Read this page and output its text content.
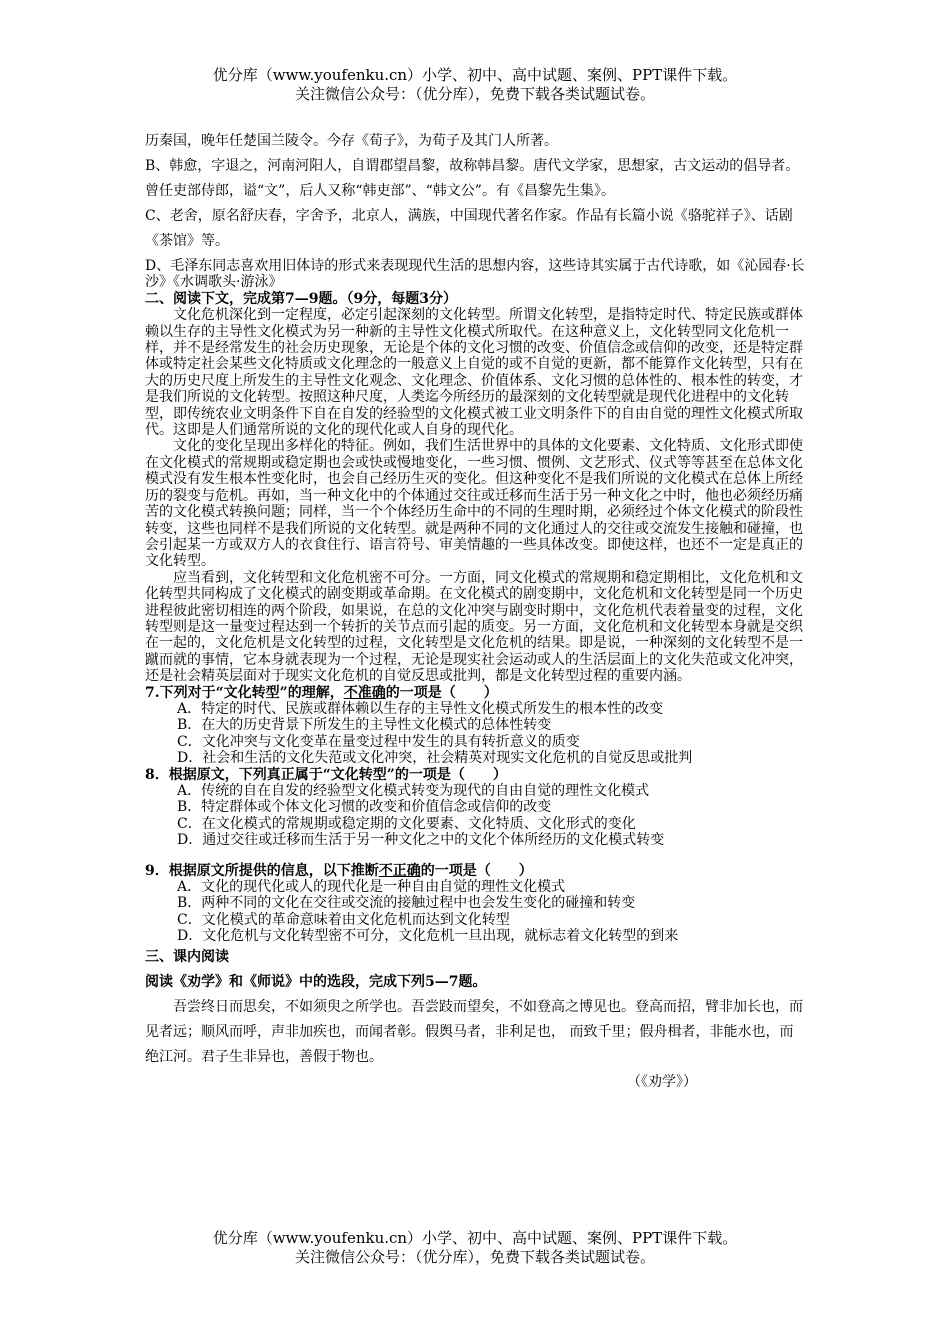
优分库（www.youfenku.cn）小学、初中、高中试题、案例、PPT课件下载。
关注微信公众号：（优分库），免费下载各类试题试卷。

历秦国，晚年任楚国兰陵令。今存《荀子》，为荀子及其门人所著。

B、韩愈，字退之，河南河阳人，自谓郡望昌黎，故称韩昌黎。唐代文学家，思想家，古文运动的倡导者。曾任吏部侍郎，谥“文”，后人又称“韩吏部”、“韩文公”。有《昌黎先生集》。

C、老舍，原名舒庆春，字舍予，北京人，满族，中国现代著名作家。作品有长篇小说《骆驼祥子》、话剧《茶馆》等。

D、毛泽东同志喜欢用旧体诗的形式来表现现代生活的思想内容，这些诗其实属于古代诗歌，如《沁园春·长沙》《水调歌头·游泳》

二、阅读下文，完成第7—9题。（9分，每题3分）

文化危机深化到一定程度，必定引起深刻的文化转型。所谓文化转型，是指特定时代、特定民族或群体赖以生存的主导性文化模式为另一种新的主导性文化模式所取代。在这种意义上，文化转型同文化危机一样，并不是经常发生的社会历史现象，无论是个体的文化习惯的改变、价值信念或信仰的改变，还是特定群体或特定社会某些文化特质或文化理念的一般意义上自觉的或不自觉的更新，都不能算作文化转型，只有在大的历史尺度上所发生的主导性文化观念、文化理念、价值体系、文化习惯的总体性的、根本性的转变，才是我们所说的文化转型。按照这种尺度，人类迄今所经历的最深刻的文化转型就是现代化进程中的文化转型，即传统农业文明条件下自在自发的经验型的文化模式被工业文明条件下的自由自觉的理性文化模式所取代。这即是人们通常所说的文化的现代化或人自身的现代化。

文化的变化呈现出多样化的特征。例如，我们生活世界中的具体的文化要素、文化特质、文化形式即使在文化模式的常规期或稳定期也会或快或慢地变化，一些习惯、惯例、文艺形式、仪式等等甚至在总体文化模式没有发生根本性变化时，也会自己经历生灭的变化。但这种变化不是我们所说的文化模式在总体上所经历的裂变与危机。再如，当一种文化中的个体通过交往或迁移而生活于另一种文化之中时，他也必须经历痛苦的文化模式转换问题；同样，当一个个体经历生命中的不同的生理时期，必须经过个体文化模式的阶段性转变，这些也同样不是我们所说的文化转型。就是两种不同的文化通过人的交往或交流发生接触和碰撞，也会引起某一方或双方人的衣食住行、语言符号、审美情趣的一些具体改变。即使这样，也还不一定是真正的文化转型。

应当看到，文化转型和文化危机密不可分。一方面，同文化模式的常规期和稳定期相比，文化危机和文化转型共同构成了文化模式的剧变期或革命期。在文化模式的剧变期中，文化危机和文化转型是同一个历史进程彼此密切相连的两个阶段，如果说，在总的文化冲突与剧变时期中，文化危机代表着量变的过程，文化转型则是这一量变过程达到一个转折的关节点而引起的质变。另一方面，文化危机和文化转型本身就是交织在一起的，文化危机是文化转型的过程，文化转型是文化危机的结果。即是说，一种深刻的文化转型不是一蹴而就的事情，它本身就表现为一个过程，无论是现实社会运动或人的生活层面上的文化失范或文化冲突，还是社会精英层面对于现实文化危机的自觉反思或批判，都是文化转型过程的重要内涵。

7.下列对于“文化转型”的理解，不准确的一项是（　　）

A．特定的时代、民族或群体赖以生存的主导性文化模式所发生的根本性的改变

B．在大的历史背景下所发生的主导性文化模式的总体性转变

C．文化冲突与文化变革在量变过程中发生的具有转折意义的质变

D．社会和生活的文化失范或文化冲突，社会精英对现实文化危机的自觉反思或批判

8．根据原文，下列真正属于“文化转型”的一项是（　　）

A．传统的自在自发的经验型文化模式转变为现代的自由自觉的理性文化模式

B．特定群体或个体文化习惯的改变和价值信念或信仰的改变

C．在文化模式的常规期或稳定期的文化要素、文化特质、文化形式的变化

D．通过交往或迁移而生活于另一种文化之中的文化个体所经历的文化模式转变

9．根据原文所提供的信息，以下推断不正确的一项是（　　）

A．文化的现代化或人的现代化是一种自由自觉的理性文化模式

B．两种不同的文化在交往或交流的接触过程中也会发生变化的碰撞和转变

C．文化模式的革命意味着由文化危机而达到文化转型

D．文化危机与文化转型密不可分，文化危机一旦出现，就标志着文化转型的到来

三、课内阅读

阅读《劝学》和《师说》中的选段，完成下列5—7题。

吾尝终日而思矣，不如须臾之所学也。吾尝跂而望矣，不如登高之博见也。登高而招，臂非加长也，而见者远；顺风而呼，声非加疾也，而闻者彰。假舆马者，非利足也， 而致千里；假舟楫者，非能水也，而绝江河。君子生非异也，善假于物也。

（《劝学》）

优分库（www.youfenku.cn）小学、初中、高中试题、案例、PPT课件下载。
关注微信公众号：（优分库），免费下载各类试题试卷。
